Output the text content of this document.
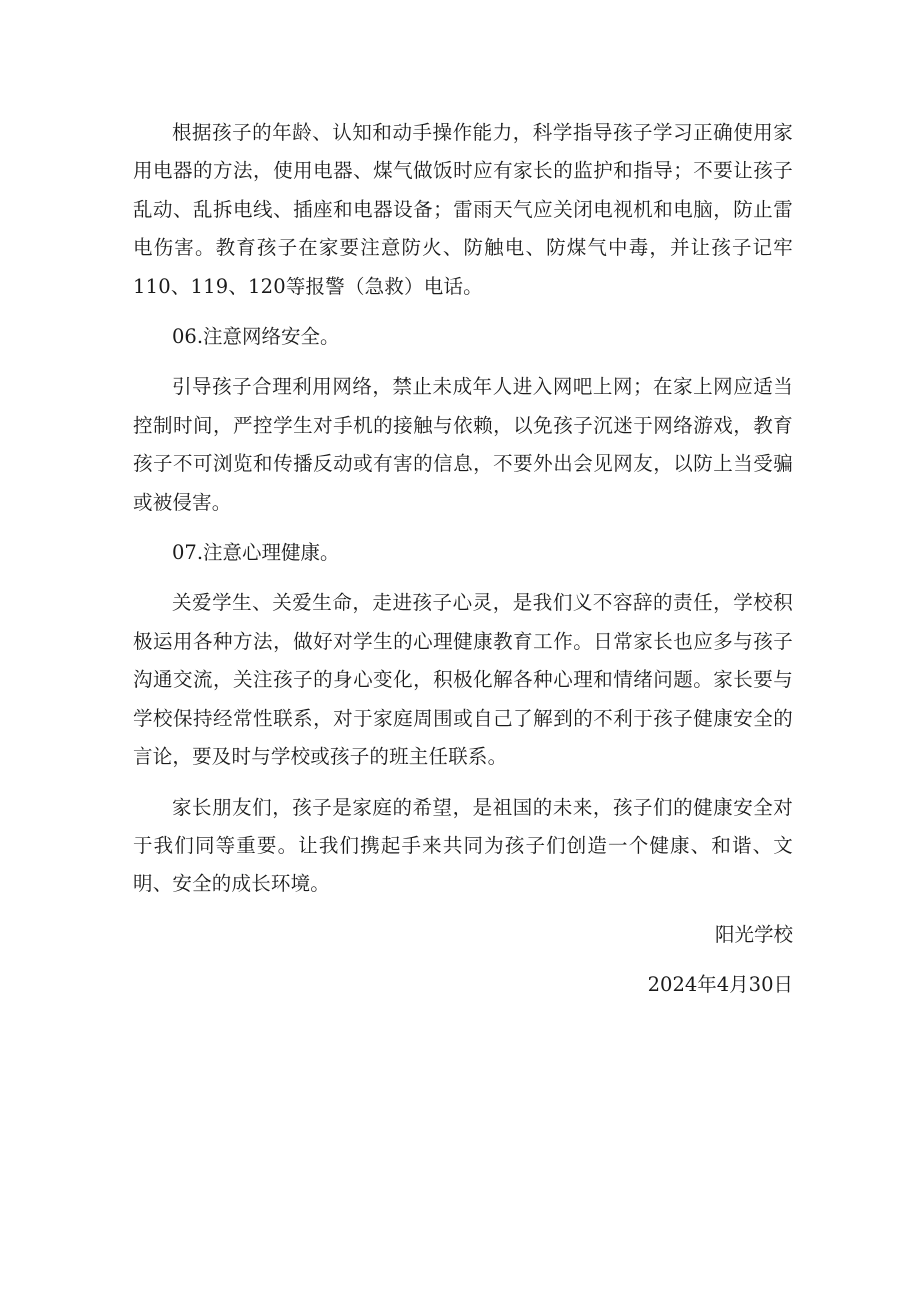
根据孩子的年龄、认知和动手操作能力，科学指导孩子学习正确使用家用电器的方法，使用电器、煤气做饭时应有家长的监护和指导；不要让孩子乱动、乱拆电线、插座和电器设备；雷雨天气应关闭电视机和电脑，防止雷电伤害。教育孩子在家要注意防火、防触电、防煤气中毒，并让孩子记牢110、119、120等报警（急救）电话。

06.注意网络安全。

引导孩子合理利用网络，禁止未成年人进入网吧上网；在家上网应适当控制时间，严控学生对手机的接触与依赖，以免孩子沉迷于网络游戏，教育孩子不可浏览和传播反动或有害的信息，不要外出会见网友，以防上当受骗或被侵害。

07.注意心理健康。

关爱学生、关爱生命，走进孩子心灵，是我们义不容辞的责任，学校积极运用各种方法，做好对学生的心理健康教育工作。日常家长也应多与孩子沟通交流，关注孩子的身心变化，积极化解各种心理和情绪问题。家长要与学校保持经常性联系，对于家庭周围或自己了解到的不利于孩子健康安全的言论，要及时与学校或孩子的班主任联系。

家长朋友们，孩子是家庭的希望，是祖国的未来，孩子们的健康安全对于我们同等重要。让我们携起手来共同为孩子们创造一个健康、和谐、文明、安全的成长环境。

阳光学校

2024年4月30日
